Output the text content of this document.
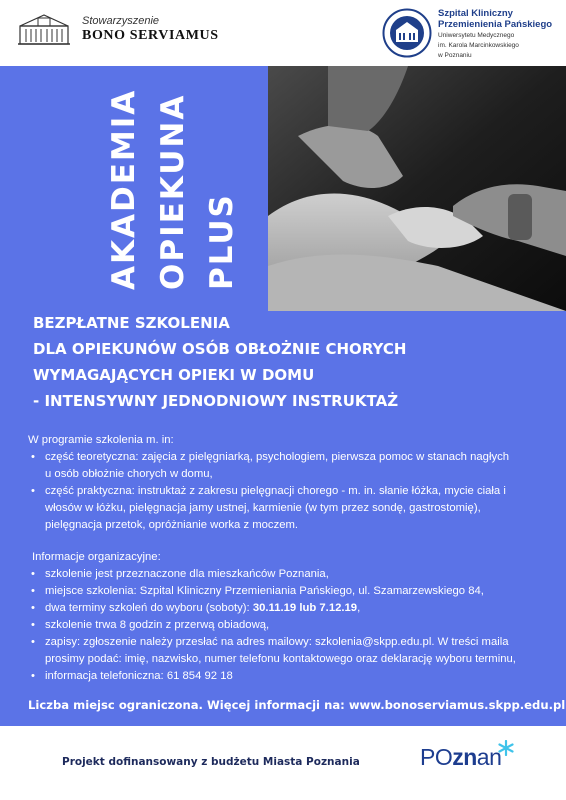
Stowarzyszenie
BONO SERVIAMUS
Szpital Kliniczny
Przemienienia Pańskiego
Uniwersytetu Medycznego
im. Karola Marcinkowskiego
w Poznaniu
AKADEMIA OPIEKUNA PLUS
BEZPŁATNE SZKOLENIA
DLA OPIEKUNÓW OSÓB OBŁOŻNIE CHORYCH
WYMAGAJĄCYCH OPIEKI W DOMU
- INTENSYWNY JEDNODNIOWY INSTRUKTAŻ
W programie szkolenia m. in:
• część teoretyczna: zajęcia z pielęgniarką, psychologiem, pierwsza pomoc w stanach nagłych
u osób obłożnie chorych w domu,
• część praktyczna: instruktaż z zakresu pielęgnacji chorego - m. in. słanie łóżka, mycie ciała i
włosów w łóżku, pielęgnacja jamy ustnej, karmienie (w tym przez sondę, gastrostomię),
pielęgnacja przetok, opróżnianie worka z moczem.
Informacje organizacyjne:
• szkolenie jest przeznaczone dla mieszkańców Poznania,
• miejsce szkolenia: Szpital Kliniczny Przemieniania Pańskiego, ul. Szamarzewskiego 84,
• dwa terminy szkoleń do wyboru (soboty): 30.11.19 lub 7.12.19,
• szkolenie trwa 8 godzin z przerwą obiadową,
• zapisy: zgłoszenie należy przesłać na adres mailowy: szkolenia@skpp.edu.pl. W treści maila
prosimy podać: imię, nazwisko, numer telefonu kontaktowego oraz deklarację wyboru terminu,
• informacja telefoniczna: 61 854 92 18
Liczba miejsc ograniczona. Więcej informacji na: www.bonoserviamus.skpp.edu.pl
Projekt dofinansowany z budżetu Miasta Poznania	POznan
